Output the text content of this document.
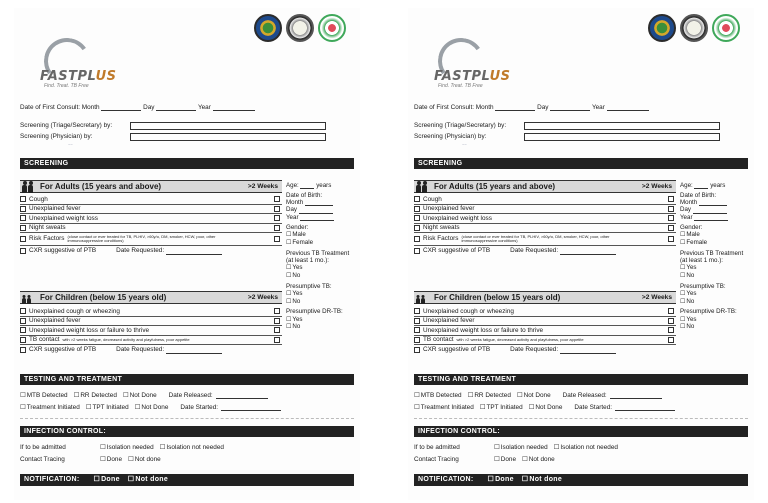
FASTPLUS
Find. Treat. TB Free
Date of First Consult: Month	Day	Year
Screening (Triage/Secretary) by:
Screening (Physician) by:
~~
SCREENING
For Adults (15 years and above)	>2 Weeks
Cough
Unexplained fever
Unexplained weight loss
Night sweats
Risk Factors (close contact or ever treated for TB, PLHIV, >60y/o, DM, smoker, HCW, poor, other immunosuppressive conditions)
CXR suggestive of PTB	Date Requested:
For Children (below 15 years old)	>2 Weeks
Unexplained cough or wheezing
Unexplained fever
Unexplained weight loss or failure to thrive
TB contact with >2 weeks fatigue, decreased activity and playfulness, poor appetite
CXR suggestive of PTB	Date Requested:
Age:	years
Date of Birth:
Month
Day
Year
Gender:
☐ Male
☐ Female
Previous TB Treatment (at least 1 mo.):
☐ Yes
☐ No
Presumptive TB:
☐ Yes
☐ No
Presumptive DR-TB:
☐ Yes
☐ No
TESTING AND TREATMENT
☐ MTB Detected	☐ RR Detected	☐ Not Done Date Released:
☐ Treatment Initiated	☐ TPT Initiated	☐ Not Done Date Started:
INFECTION CONTROL:
If to be admitted	☐ Isolation needed	☐ Isolation not needed
Contact Tracing	☐ Done	☐ Not done
NOTIFICATION:	☐ Done	☐ Not done
FASTPLUS
Find. Treat. TB Free
Date of First Consult: Month	Day	Year
Screening (Triage/Secretary) by:
Screening (Physician) by:
~~
SCREENING
For Adults (15 years and above)	>2 Weeks
Cough
Unexplained fever
Unexplained weight loss
Night sweats
Risk Factors (close contact or ever treated for TB, PLHIV, >60y/o, DM, smoker, HCW, poor, other immunosuppressive conditions)
CXR suggestive of PTB	Date Requested:
For Children (below 15 years old)	>2 Weeks
Unexplained cough or wheezing
Unexplained fever
Unexplained weight loss or failure to thrive
TB contact with >2 weeks fatigue, decreased activity and playfulness, poor appetite
CXR suggestive of PTB	Date Requested:
Age:	years
Date of Birth:
Month
Day
Year
Gender:
☐ Male
☐ Female
Previous TB Treatment (at least 1 mo.):
☐ Yes
☐ No
Presumptive TB:
☐ Yes
☐ No
Presumptive DR-TB:
☐ Yes
☐ No
TESTING AND TREATMENT
☐ MTB Detected	☐ RR Detected	☐ Not Done Date Released:
☐ Treatment Initiated	☐ TPT Initiated	☐ Not Done Date Started:
INFECTION CONTROL:
If to be admitted	☐ Isolation needed	☐ Isolation not needed
Contact Tracing	☐ Done	☐ Not done
NOTIFICATION:	☐ Done	☐ Not done
